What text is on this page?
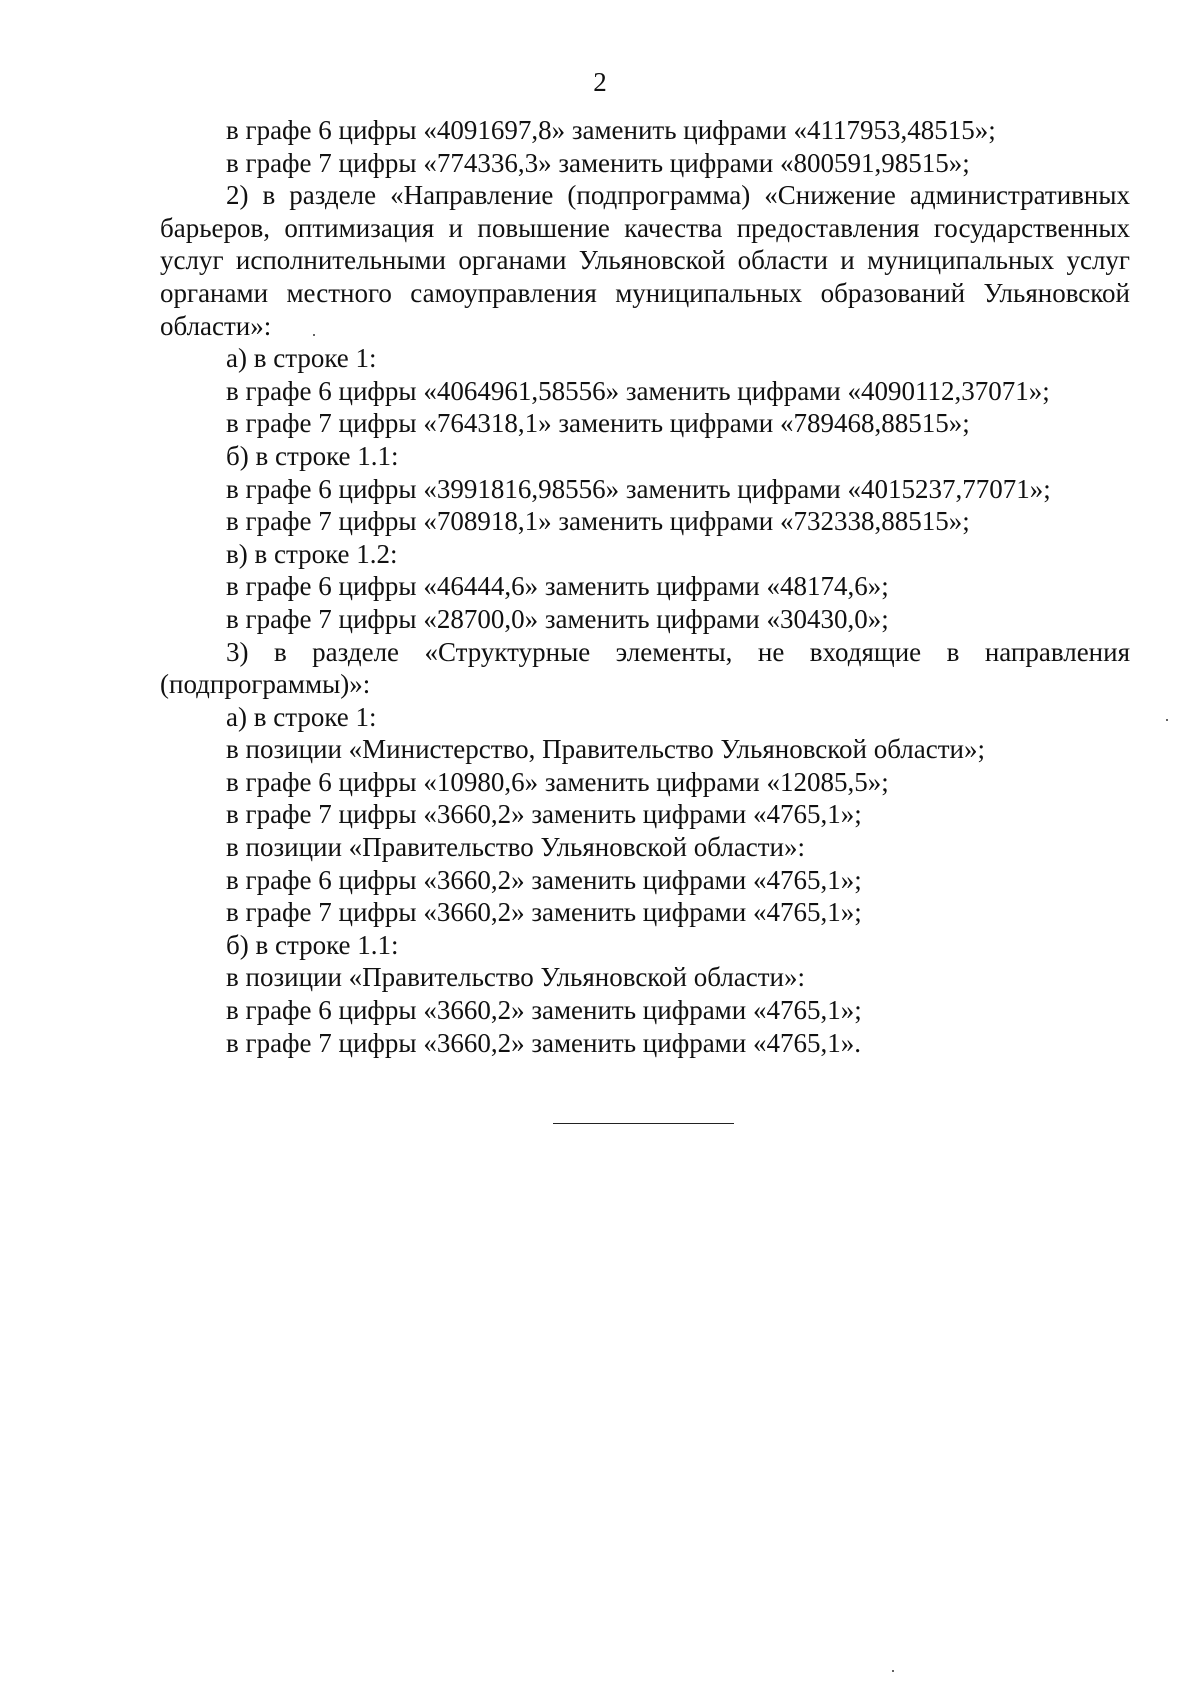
2
в графе 6 цифры «4091697,8» заменить цифрами «4117953,48515»;
в графе 7 цифры «774336,3» заменить цифрами «800591,98515»;
2) в разделе «Направление (подпрограмма) «Снижение административных барьеров, оптимизация и повышение качества предоставления государственных услуг исполнительными органами Ульяновской области и муниципальных услуг органами местного самоуправления муниципальных образований Ульяновской области»:
а) в строке 1:
в графе 6 цифры «4064961,58556» заменить цифрами «4090112,37071»;
в графе 7 цифры «764318,1» заменить цифрами «789468,88515»;
б) в строке 1.1:
в графе 6 цифры «3991816,98556» заменить цифрами «4015237,77071»;
в графе 7 цифры «708918,1» заменить цифрами «732338,88515»;
в) в строке 1.2:
в графе 6 цифры «46444,6» заменить цифрами «48174,6»;
в графе 7 цифры «28700,0» заменить цифрами «30430,0»;
3) в разделе «Структурные элементы, не входящие в направления (подпрограммы)»:
а) в строке 1:
в позиции «Министерство, Правительство Ульяновской области»;
в графе 6 цифры «10980,6» заменить цифрами «12085,5»;
в графе 7 цифры «3660,2» заменить цифрами «4765,1»;
в позиции «Правительство Ульяновской области»:
в графе 6 цифры «3660,2» заменить цифрами «4765,1»;
в графе 7 цифры «3660,2» заменить цифрами «4765,1»;
б) в строке 1.1:
в позиции «Правительство Ульяновской области»:
в графе 6 цифры «3660,2» заменить цифрами «4765,1»;
в графе 7 цифры «3660,2» заменить цифрами «4765,1».
